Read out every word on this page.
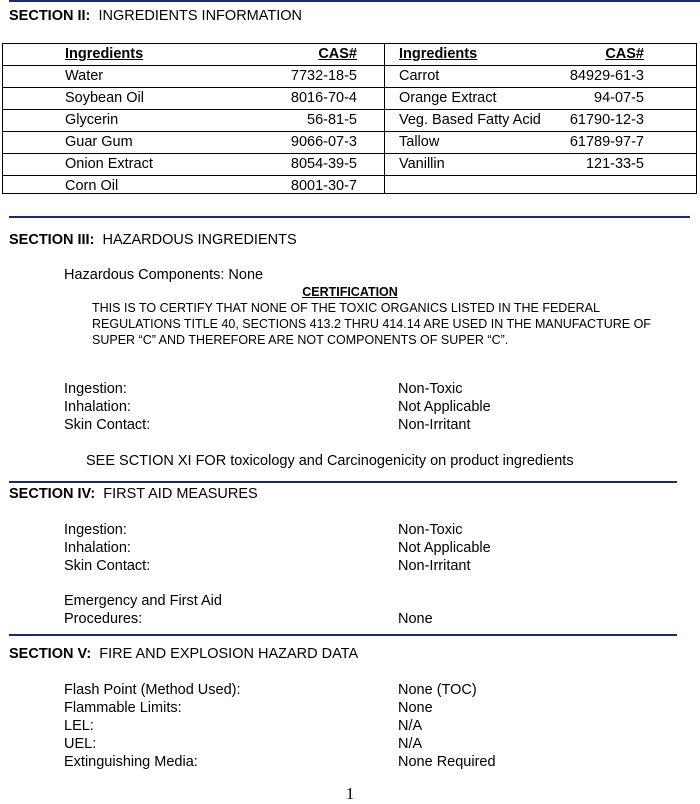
SECTION II: INGREDIENTS INFORMATION
Ingredients	CAS#	Ingredients	CAS#
Water	7732-18-5	Carrot	84929-61-3
Soybean Oil	8016-70-4	Orange Extract	94-07-5
Glycerin	56-81-5	Veg. Based Fatty Acid 61790-12-3
Guar Gum	9066-07-3	Tallow	61789-97-7
Onion Extract	8054-39-5	Vanillin	121-33-5
Corn Oil	8001-30-7
SECTION III: HAZARDOUS INGREDIENTS
Hazardous Components: None
CERTIFICATION
THIS IS TO CERTIFY THAT NONE OF THE TOXIC ORGANICS LISTED IN THE FEDERAL REGULATIONS TITLE 40, SECTIONS 413.2 THRU 414.14 ARE USED IN THE MANUFACTURE OF SUPER “C” AND THEREFORE ARE NOT COMPONENTS OF SUPER “C”.
Ingestion:	Non-Toxic
Inhalation:	Not Applicable
Skin Contact:	Non-Irritant
SEE SCTION XI FOR toxicology and Carcinogenicity on product ingredients
SECTION IV: FIRST AID MEASURES
Ingestion:	Non-Toxic
Inhalation:	Not Applicable
Skin Contact:	Non-Irritant
Emergency and First Aid
Procedures:	None
SECTION V: FIRE AND EXPLOSION HAZARD DATA
Flash Point (Method Used):	None (TOC)
Flammable Limits:	None
LEL:	N/A
UEL:	N/A
Extinguishing Media:	None Required
1
